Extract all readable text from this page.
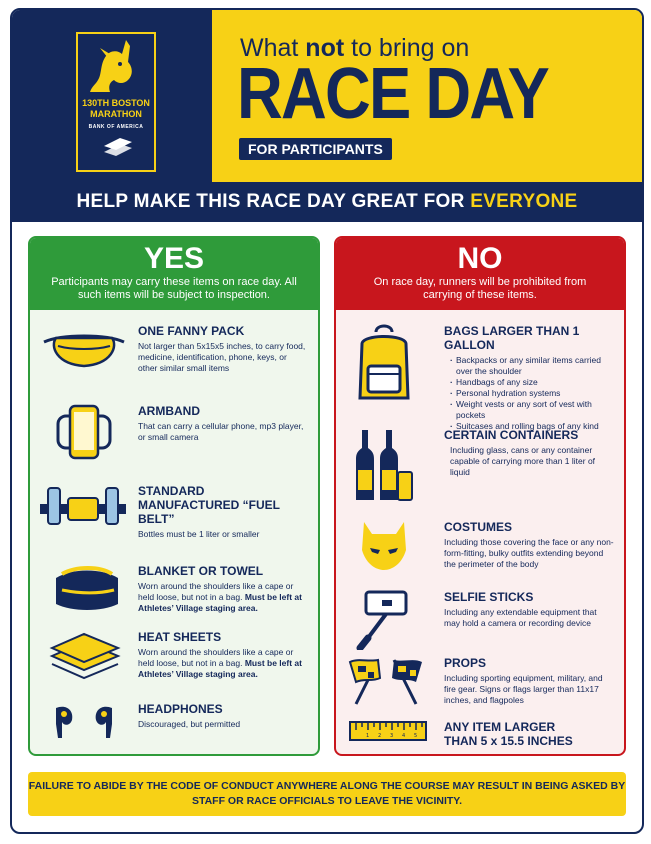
130TH BOSTON
MARATHON
BANK OF AMERICA
What not to bring on
RACE DAY
FOR PARTICIPANTS
HELP MAKE THIS RACE DAY GREAT FOR EVERYONE
YES
Participants may carry these items on race day. All such items will be subject to inspection.
ONE FANNY PACK
Not larger than 5x15x5 inches, to carry food, medicine, identification, phone, keys, or other similar small items
ARMBAND
That can carry a cellular phone, mp3 player, or small camera
STANDARD MANUFACTURED “FUEL BELT”
Bottles must be 1 liter or smaller
BLANKET OR TOWEL
Worn around the shoulders like a cape or held loose, but not in a bag. Must be left at Athletes’ Village staging area.
HEAT SHEETS
Worn around the shoulders like a cape or held loose, but not in a bag. Must be left at Athletes’ Village staging area.
HEADPHONES
Discouraged, but permitted
NO
On race day, runners will be prohibited from carrying of these items.
BAGS LARGER THAN 1 GALLON
· Backpacks or any similar items carried over the shoulder
· Handbags of any size
· Personal hydration systems
· Weight vests or any sort of vest with pockets
· Suitcases and rolling bags of any kind
CERTAIN CONTAINERS
Including glass, cans or any container capable of carrying more than 1 liter of liquid
COSTUMES
Including those covering the face or any non-form-fitting, bulky outfits extending beyond the perimeter of the body
SELFIE STICKS
Including any extendable equipment that may hold a camera or recording device
PROPS
Including sporting equipment, military, and fire gear. Signs or flags larger than 11x17 inches, and flagpoles
1 2 3 4 5
ANY ITEM LARGER THAN 5 x 15.5 INCHES
FAILURE TO ABIDE BY THE CODE OF CONDUCT ANYWHERE ALONG THE COURSE MAY RESULT IN BEING ASKED BY STAFF OR RACE OFFICIALS TO LEAVE THE VICINITY.
